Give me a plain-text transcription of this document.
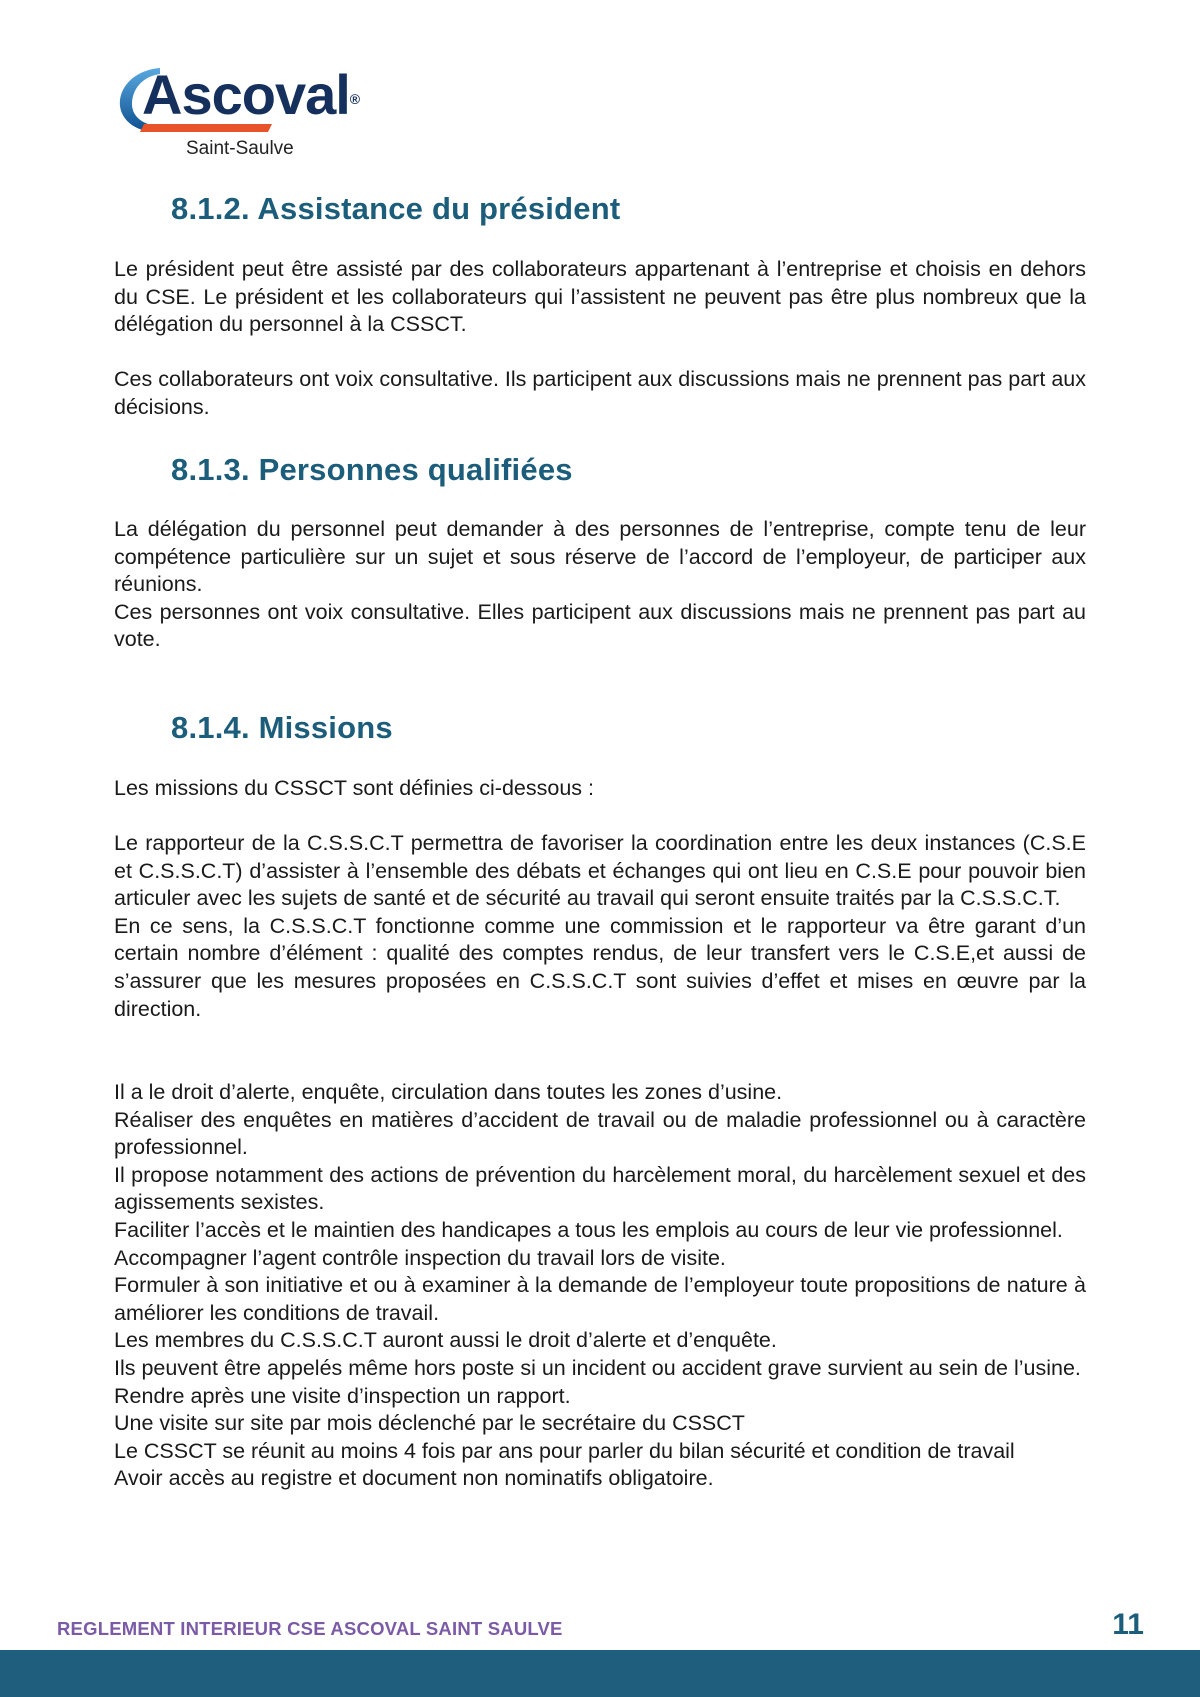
Ascoval®
Saint-Saulve
8.1.2. Assistance du président

Le président peut être assisté par des collaborateurs appartenant à l’entreprise et choisis en dehors du CSE. Le président et les collaborateurs qui l’assistent ne peuvent pas être plus nombreux que la délégation du personnel à la CSSCT.

Ces collaborateurs ont voix consultative. Ils participent aux discussions mais ne prennent pas part aux décisions.

8.1.3. Personnes qualifiées

La délégation du personnel peut demander à des personnes de l’entreprise, compte tenu de leur compétence particulière sur un sujet et sous réserve de l’accord de l’employeur, de participer aux réunions.

Ces personnes ont voix consultative. Elles participent aux discussions mais ne prennent pas part au vote.

8.1.4. Missions

Les missions du CSSCT sont définies ci-dessous :

Le rapporteur de la C.S.S.C.T permettra de favoriser la coordination entre les deux instances (C.S.E et C.S.S.C.T) d’assister à l’ensemble des débats et échanges qui ont lieu en C.S.E pour pouvoir bien articuler avec les sujets de santé et de sécurité au travail qui seront ensuite traités par la C.S.S.C.T.

En ce sens, la C.S.S.C.T fonctionne comme une commission et le rapporteur va être garant d’un certain nombre d’élément : qualité des comptes rendus, de leur transfert vers le C.S.E,et aussi de s’assurer que les mesures proposées en C.S.S.C.T sont suivies d’effet et mises en œuvre par la direction.

Il a le droit d’alerte, enquête, circulation dans toutes les zones d’usine.

Réaliser des enquêtes en matières d’accident de travail ou de maladie professionnel ou à caractère professionnel.

Il propose notamment des actions de prévention du harcèlement moral, du harcèlement sexuel et des agissements sexistes.

Faciliter l’accès et le maintien des handicapes a tous les emplois au cours de leur vie professionnel.

Accompagner l’agent contrôle inspection du travail lors de visite.

Formuler à son initiative et ou à examiner à la demande de l’employeur toute propositions de nature à améliorer les conditions de travail.

Les membres du C.S.S.C.T auront aussi le droit d’alerte et d’enquête.

Ils peuvent être appelés même hors poste si un incident ou accident grave survient au sein de l’usine.

Rendre après une visite d’inspection un rapport.

Une visite sur site par mois déclenché par le secrétaire du CSSCT

Le CSSCT se réunit au moins 4 fois par ans pour parler du bilan sécurité et condition de travail

Avoir accès au registre et document non nominatifs obligatoire.

REGLEMENT INTERIEUR CSE ASCOVAL SAINT SAULVE	11
